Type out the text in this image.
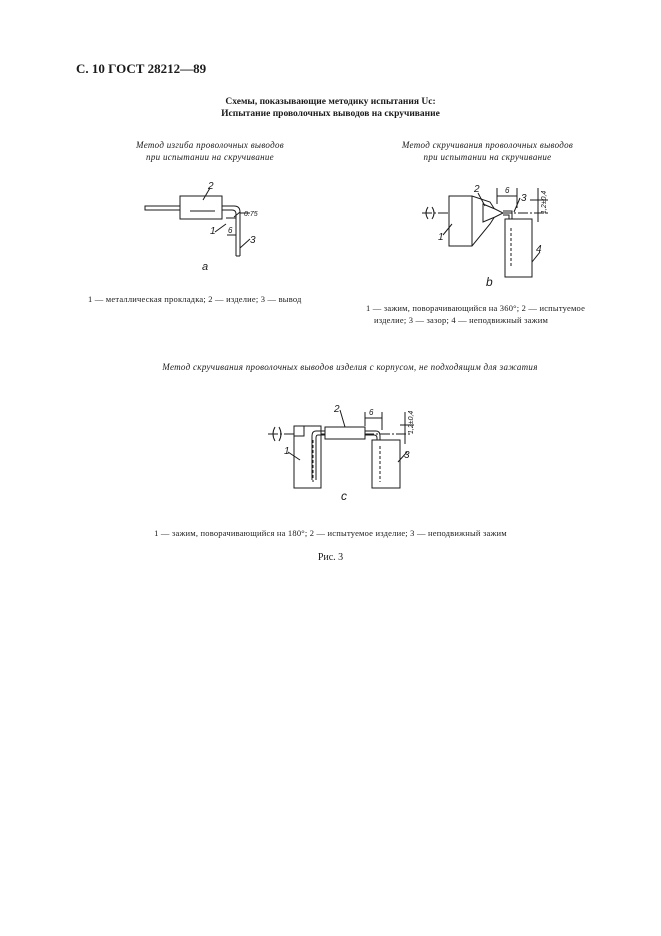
С. 10 ГОСТ 28212—89
Схемы, показывающие методику испытания Uc:
Испытание проволочных выводов на скручивание
Метод изгиба проволочных выводов
при испытании на скручивание
Метод скручивания проволочных выводов
при испытании на скручивание
2
1
3
6
0.75
a
2	6
3
1
4
1,2±0,4
b
1 — металлическая прокладка; 2 — изделие; 3 — вывод
1 — зажим, поворачивающийся на 360°; 2 — испытуемое
изделие; 3 — зазор; 4 — неподвижный зажим
Метод скручивания проволочных выводов изделия с корпусом, не подходящим для зажатия
2	6
1	3
1,2±0,4
c
1 — зажим, поворачивающийся на 180°; 2 — испытуемое изделие; 3 — неподвижный зажим
Рис. 3
